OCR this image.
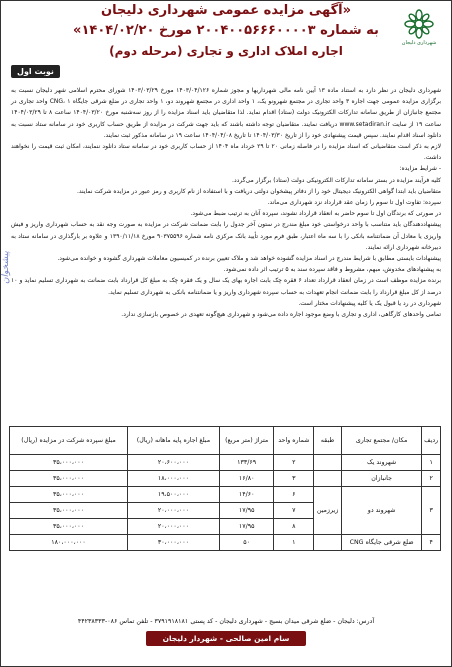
شهرداری دلیجان
«آگهی مزایده عمومی شهرداری دلیجان
به شماره ۲۰۰۴۰۰۵۶۶۶۰۰۰۰۳ مورخ ۱۴۰۴/۰۲/۲۰»
اجاره املاک اداری و تجاری (مرحله دوم)
نوبت اول
پیشخوان

شهرداری دلیجان در نظر دارد به استناد ماده ۱۳ آیین نامه مالی شهرداریها و مجوز شماره ۱۴۰۳/۰۴/۱۲۶ مورخ ۱۴۰۳/۰۳/۲۹ شورای محترم اسلامی شهر دلیجان نسبت به برگزاری مزایده عمومی جهت اجاره ۳ واحد تجاری در مجتمع شهرونو یک، ۱ واحد اداری در مجتمع شهروند دو، ۱ واحد تجاری در ضلع شرقی جایگاه CNG، ۱ واحد تجاری در مجتمع جانبازان از طریق سامانه تدارکات الکترونیک دولت (ستاد) اقدام نماید. لذا متقاضیان باید اسناد مزایده را از روز سه‌شنبه مورخ ۱۴۰۴/۰۳/۲۰ ساعت ۸ تا ۱۴۰۴/۰۳/۲۹ ساعت ۱۹ از سایت www.setadiran.ir دریافت نمایند. متقاضیان توجه داشته باشند که باید جهت شرکت در مزایده از طریق حساب کاربری خود در سامانه ستاد نسبت به دانلود اسناد اقدام نمایند. سپس قیمت پیشنهادی خود را از تاریخ ۱۴۰۴/۰۳/۳۰ تا تاریخ ۱۴۰۴/۰۴/۰۸ ساعت ۱۹ در سامانه مذکور ثبت نمایند.

لازم به ذکر است متقاضیانی که اسناد مزایده را در فاصله زمانی ۲۰ تا ۲۹ خرداد ماه ۱۴۰۴ از حساب کاربری خود در سامانه ستاد دانلود ننمایند، امکان ثبت قیمت را نخواهند داشت.

- شرایط مزایده:

کلیه فرآیند مزایده در بستر سامانه تدارکات الکترونیکی دولت (ستاد) برگزار می‌گردد.

متقاضیان باید ابتدا گواهی الکترونیک دیجیتال خود را از دفاتر پیشخوان دولتی دریافت و با استفاده از نام کاربری و رمز عبور در مزایده شرکت نمایند.

سپرده: تفاوت اول تا سوم را زمان عقد قرارداد نزد شهرداری می‌ماند.

در صورتی که برندگان اول تا سوم حاضر به انعقاد قرارداد نشوند، سپرده آنان به ترتیب ضبط می‌شود.

پیشنهاددهندگان باید متناسب با واحد درخواستی خود مبلغ مندرج در ستون آخر جدول را بابت ضمانت شرکت در مزایده به صورت وجه نقد به حساب شهرداری واریز و فیش واریزی یا معادل آن ضمانتنامه بانکی را با سه ماه اعتبار، طبق فرم مورد تأیید بانک مرکزی نامه شماره ۹۰۳۷۵۵۹۶ مورخ ۱۳۹۰/۱۱/۱۸ و علاوه بر بارگذاری در سامانه ستاد به دبیرخانه شهرداری ارائه نمایند.

پیشنهادات بایستی مطابق با شرایط مندرج در اسناد مزایده گشوده خواهد شد و ملاک تعیین برنده در کمیسیون معاملات شهرداری گشوده و خوانده می‌شود.

به پیشنهادهای مخدوش، مبهم، مشروط و فاقد سپرده سند به ۵ ترتیب اثر داده نمی‌شود.

برنده مزایده موظف است در زمان انعقاد قرارداد تعداد ۶ فقره چک بابت اجاره بهای یک سال و یک فقره چک به مبلغ کل قرارداد بابت ضمانت به شهرداری تسلیم نماید و ۱۰ درصد از کل مبلغ قرارداد را بابت ضمانت انجام تعهدات به حساب سپرده شهرداری واریز و یا ضمانتنامه بانکی به شهرداری تسلیم نماید.

شهرداری در رد یا قبول یک یا کلیه پیشنهادات مختار است.

تمامی واحدهای کارگاهی، اداری و تجاری با وضع موجود اجاره داده می‌شود و شهرداری هیچ‌گونه تعهدی در خصوص بازسازی ندارد.

ردیف	مکان/ مجتمع تجاری	طبقه	شماره واحد	متراژ (متر مربع)	مبلغ اجاره پایه ماهانه (ریال)	مبلغ سپرده شرکت در مزایده (ریال)
۱	شهروند یک		۲	۱۳۳/۶۹	۲۰،۶۰۰،۰۰۰	۳۵،۰۰۰،۰۰۰
۲	جانبازان		۳	۱۶/۸۰	۱۸،۰۰۰،۰۰۰	۳۵،۰۰۰،۰۰۰
۳	شهروند دو	زیرزمین	۶	۱۴/۶۰	۱۹،۵۰۰،۰۰۰	۳۵،۰۰۰،۰۰۰
			۷	۱۷/۹۵	۲۰،۰۰۰،۰۰۰	۳۵،۰۰۰،۰۰۰
			۸	۱۷/۹۵	۲۰،۰۰۰،۰۰۰	۳۵،۰۰۰،۰۰۰
۴	ضلع شرقی جایگاه CNG		۱	۵۰	۳۰،۰۰۰،۰۰۰	۱۸۰،۰۰۰،۰۰۰
آدرس: دلیجان - ضلع شرقی میدان بسیج - شهرداری دلیجان - کد پستی ۳۷۹۱۹۱۸۱۸۱ - تلفن تماس ۰۸۶-۴۴۲۳۸۳۳۳
سام امین صالحی - شهردار دلیجان
